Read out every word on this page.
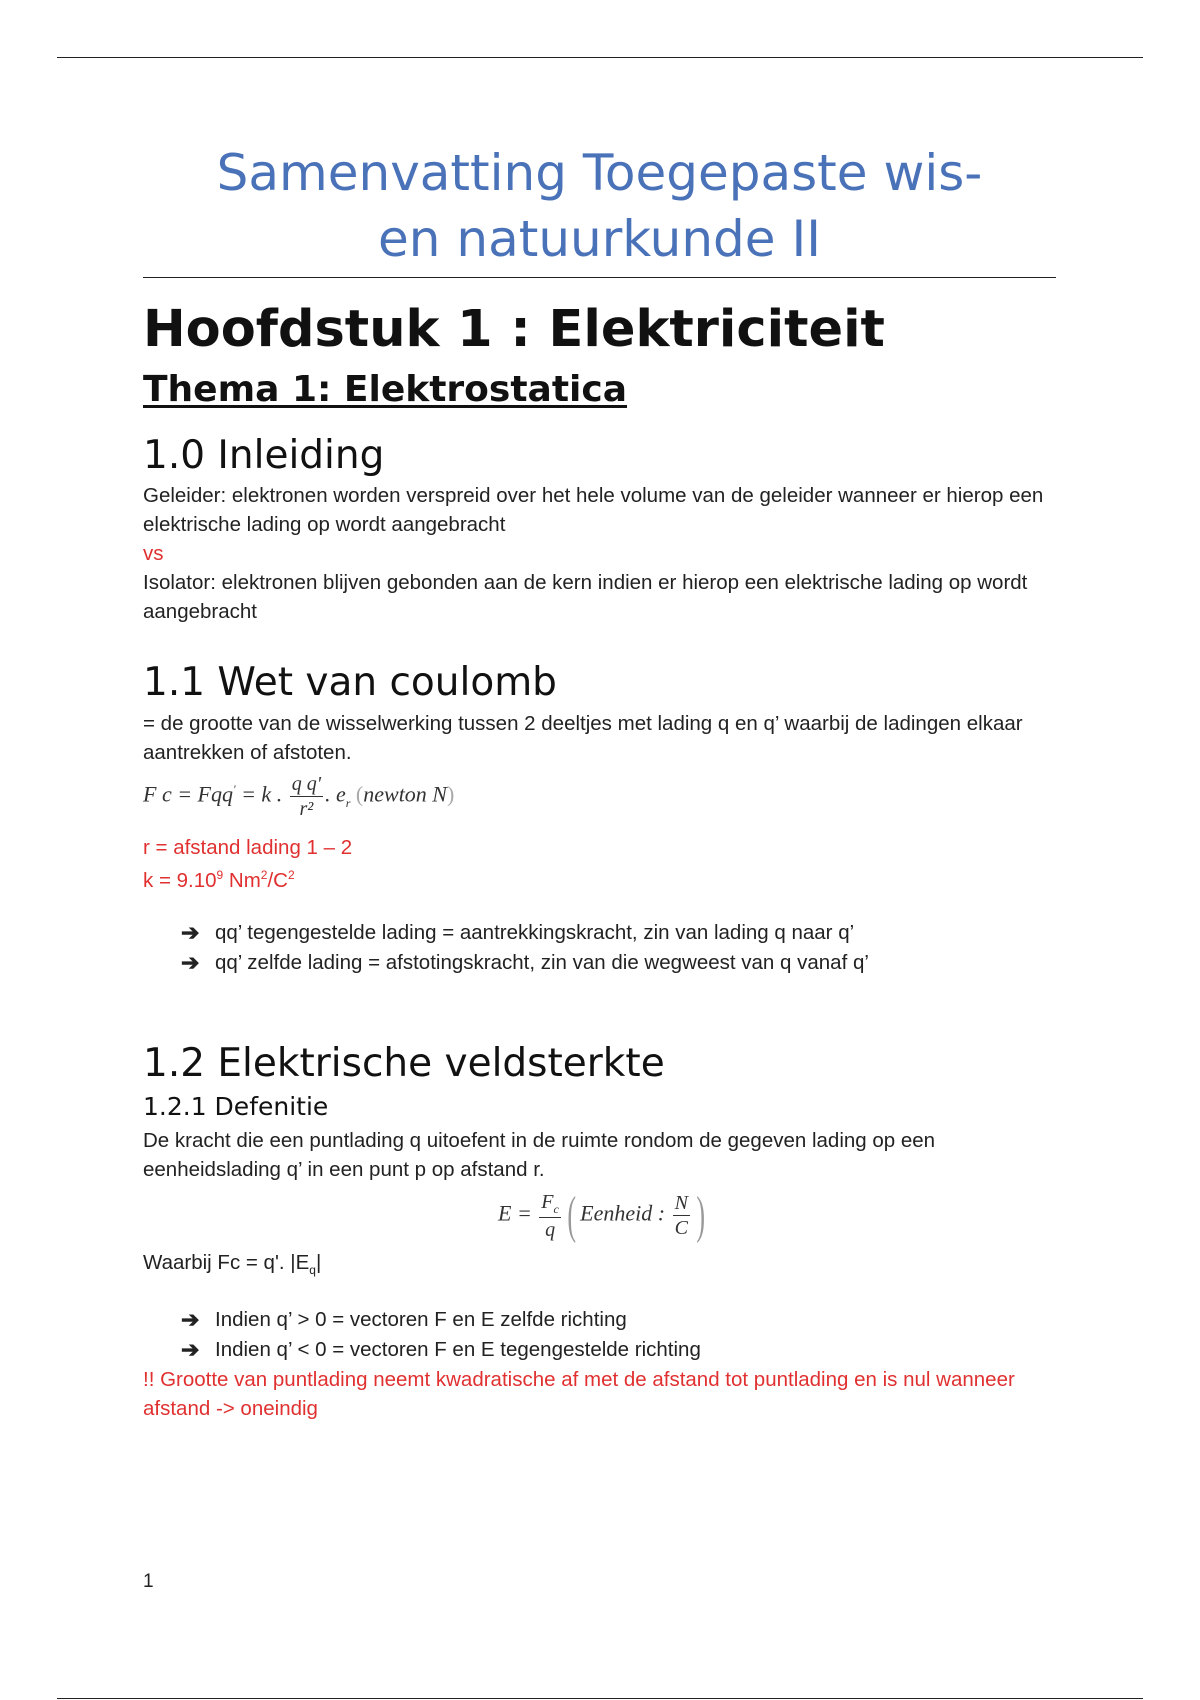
Samenvatting Toegepaste wis-
en natuurkunde II
Hoofdstuk 1 : Elektriciteit
Thema 1: Elektrostatica
1.0 Inleiding
Geleider: elektronen worden verspreid over het hele volume van de geleider wanneer er hierop een elektrische lading op wordt aangebracht
vs
Isolator: elektronen blijven gebonden aan de kern indien er hierop een elektrische lading op wordt aangebracht
1.1 Wet van coulomb
= de grootte van de wisselwerking tussen 2 deeltjes met lading q en q’ waarbij de ladingen elkaar aantrekken of afstoten.
F c = Fqq' = k . $\frac{\text{q q'}}{\text{r²}}$ . $e_r$ (newton N)
r = afstand lading 1 – 2
$k = 9.10^9$ $Nm^2/C^2$
➔ qq’ tegengestelde lading = aantrekkingskracht, zin van lading q naar q’
➔ qq’ zelfde lading = afstotingskracht, zin van die wegweest van q vanaf q’
1.2 Elektrische veldsterkte
1.2.1 Defenitie
De kracht die een puntlading q uitoefent in de ruimte rondom de gegeven lading op een eenheidslading q’ in een punt p op afstand r.
$E = \frac{F_c}{q}$ ( Eenheid : $\frac{N}{C}$ )
Waarbij Fc = q'. $|E_q|$
➔ Indien q’ > 0 = vectoren F en E zelfde richting
➔ Indien q’ < 0 = vectoren F en E tegengestelde richting
!! Grootte van puntlading neemt kwadratische af met de afstand tot puntlading en is nul wanneer afstand -> oneindig
1
